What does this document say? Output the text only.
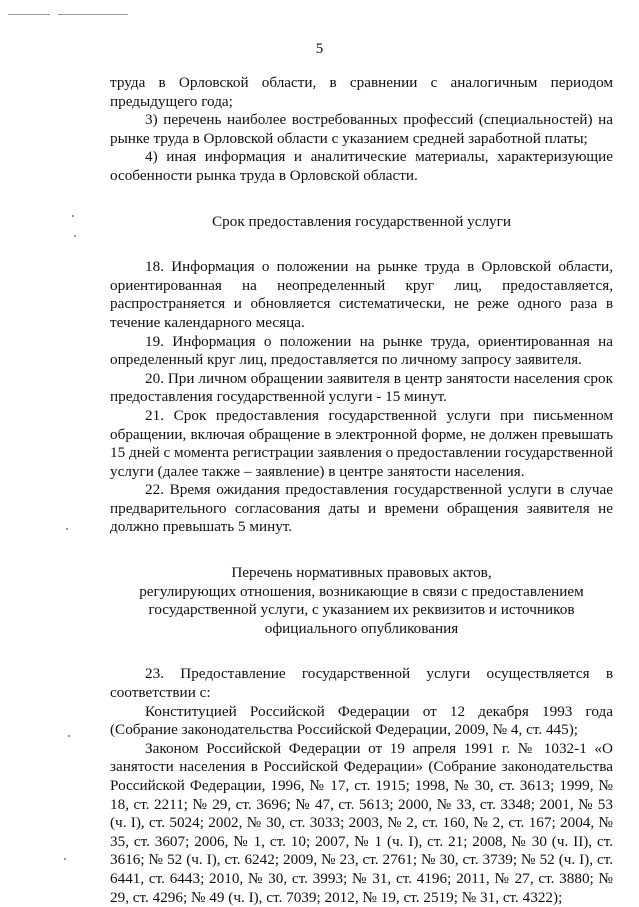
5

труда в Орловской области, в сравнении с аналогичным периодом предыдущего года;

3) перечень наиболее востребованных профессий (специальностей) на рынке труда в Орловской области с указанием средней заработной платы;

4) иная информация и аналитические материалы, характеризующие особенности рынка труда в Орловской области.

Срок предоставления государственной услуги

18. Информация о положении на рынке труда в Орловской области, ориентированная на неопределенный круг лиц, предоставляется, распространяется и обновляется систематически, не реже одного раза в течение календарного месяца.

19. Информация о положении на рынке труда, ориентированная на определенный круг лиц, предоставляется по личному запросу заявителя.

20. При личном обращении заявителя в центр занятости населения срок предоставления государственной услуги - 15 минут.

21. Срок предоставления государственной услуги при письменном обращении, включая обращение в электронной форме, не должен превышать 15 дней с момента регистрации заявления о предоставлении государственной услуги (далее также – заявление) в центре занятости населения.

22. Время ожидания предоставления государственной услуги в случае предварительного согласования даты и времени обращения заявителя не должно превышать 5 минут.

Перечень нормативных правовых актов,

регулирующих отношения, возникающие в связи с предоставлением

государственной услуги, с указанием их реквизитов и источников

официального опубликования

23. Предоставление государственной услуги осуществляется в соответствии с:

Конституцией Российской Федерации от 12 декабря 1993 года (Собрание законодательства Российской Федерации, 2009, № 4, ст. 445);

Законом Российской Федерации от 19 апреля 1991 г. № 1032-1 «О занятости населения в Российской Федерации» (Собрание законодательства Российской Федерации, 1996, № 17, ст. 1915; 1998, № 30, ст. 3613; 1999, № 18, ст. 2211; № 29, ст. 3696; № 47, ст. 5613; 2000, № 33, ст. 3348; 2001, № 53 (ч. I), ст. 5024; 2002, № 30, ст. 3033; 2003, № 2, ст. 160, № 2, ст. 167; 2004, № 35, ст. 3607; 2006, № 1, ст. 10; 2007, № 1 (ч. I), ст. 21; 2008, № 30 (ч. II), ст. 3616; № 52 (ч. I), ст. 6242; 2009, № 23, ст. 2761; № 30, ст. 3739; № 52 (ч. I), ст. 6441, ст. 6443; 2010, № 30, ст. 3993; № 31, ст. 4196; 2011, № 27, ст. 3880; № 29, ст. 4296; № 49 (ч. I), ст. 7039; 2012, № 19, ст. 2519; № 31, ст. 4322);
